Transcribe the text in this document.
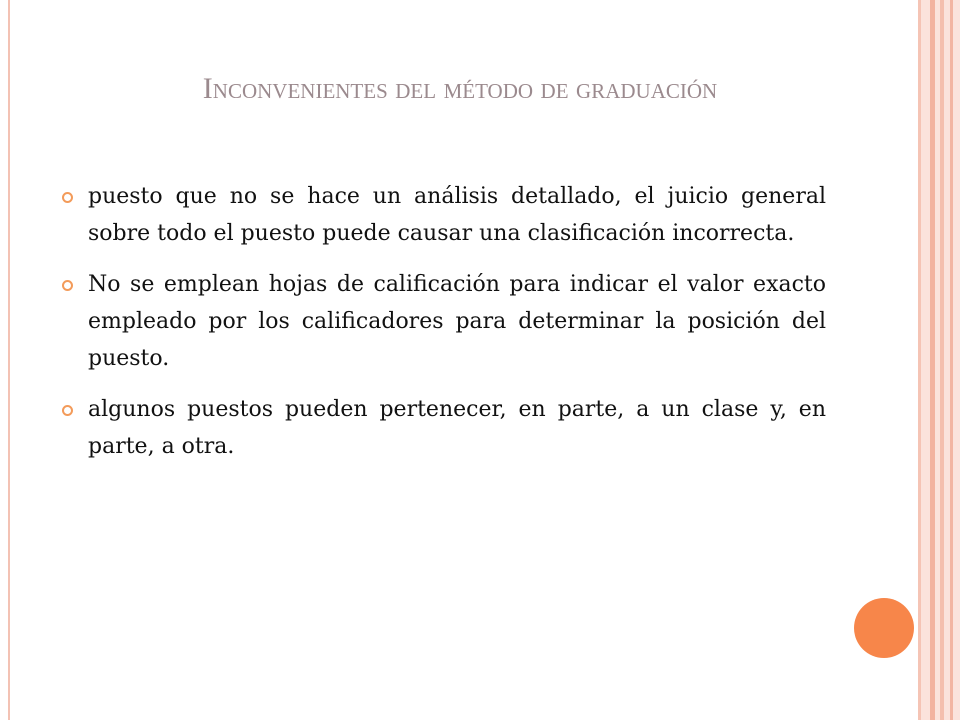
Inconvenientes del método de graduación
puesto que no se hace un análisis detallado, el juicio general sobre todo el puesto puede causar una clasificación incorrecta.
No se emplean hojas de calificación para indicar el valor exacto empleado por los calificadores para determinar la posición del puesto.
algunos puestos pueden pertenecer, en parte, a un clase y, en parte, a otra.
